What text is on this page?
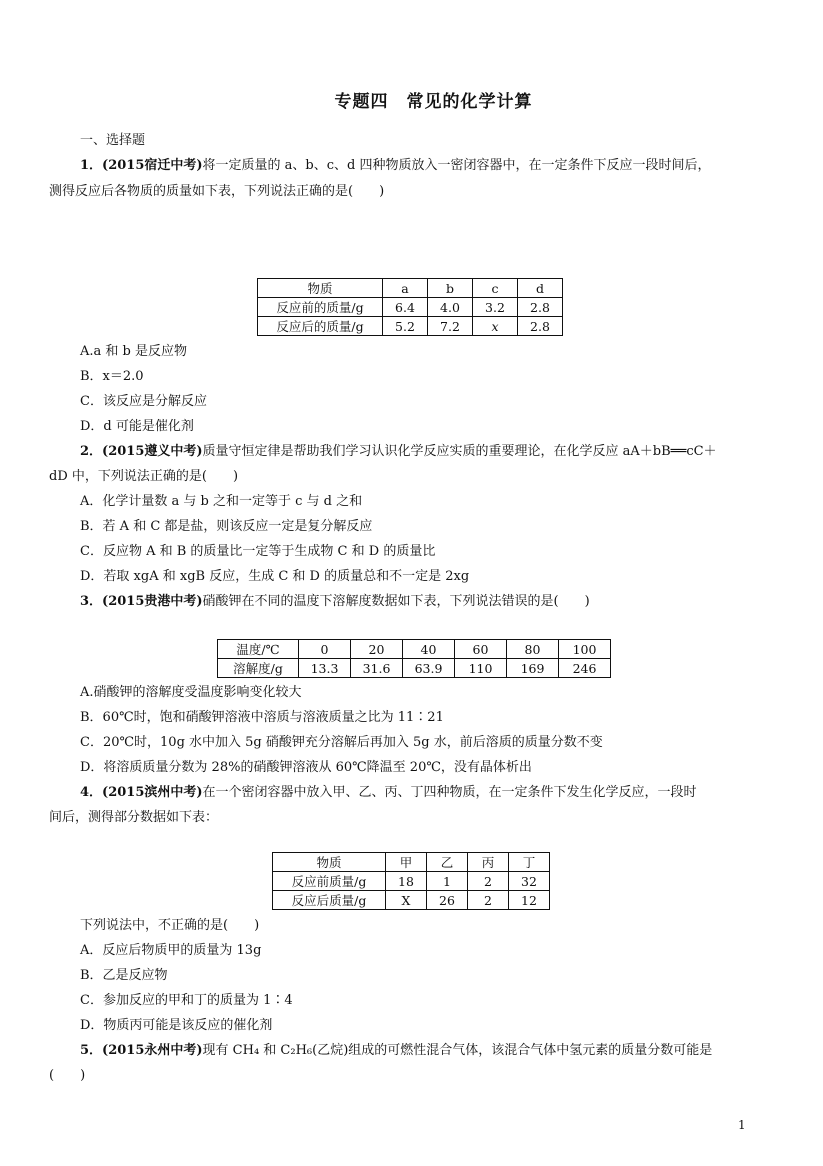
专题四　常见的化学计算
一、选择题
1．(2015宿迁中考)将一定质量的 a、b、c、d 四种物质放入一密闭容器中，在一定条件下反应一段时间后，
测得反应后各物质的质量如下表，下列说法正确的是(　　)
物质	a	b	c	d
反应前的质量/g	6.4	4.0	3.2	2.8
反应后的质量/g	5.2	7.2	x	2.8
A.a 和 b 是反应物
B．x＝2.0
C．该反应是分解反应
D．d 可能是催化剂
2．(2015遵义中考)质量守恒定律是帮助我们学习认识化学反应实质的重要理论，在化学反应 aA＋bB══cC＋
dD 中，下列说法正确的是(　　)
A．化学计量数 a 与 b 之和一定等于 c 与 d 之和
B．若 A 和 C 都是盐，则该反应一定是复分解反应
C．反应物 A 和 B 的质量比一定等于生成物 C 和 D 的质量比
D．若取 xgA 和 xgB 反应，生成 C 和 D 的质量总和不一定是 2xg
3．(2015贵港中考)硝酸钾在不同的温度下溶解度数据如下表，下列说法错误的是(　　)
温度/℃	0	20	40	60	80	100
溶解度/g	13.3	31.6	63.9	110	169	246
A.硝酸钾的溶解度受温度影响变化较大
B．60℃时，饱和硝酸钾溶液中溶质与溶液质量之比为 11∶21
C．20℃时，10g 水中加入 5g 硝酸钾充分溶解后再加入 5g 水，前后溶质的质量分数不变
D．将溶质质量分数为 28%的硝酸钾溶液从 60℃降温至 20℃，没有晶体析出
4．(2015滨州中考)在一个密闭容器中放入甲、乙、丙、丁四种物质，在一定条件下发生化学反应，一段时
间后，测得部分数据如下表：
物质	甲	乙	丙	丁
反应前质量/g	18	1	2	32
反应后质量/g	X	26	2	12
下列说法中，不正确的是(　　)
A．反应后物质甲的质量为 13g
B．乙是反应物
C．参加反应的甲和丁的质量为 1∶4
D．物质丙可能是该反应的催化剂
5．(2015永州中考)现有 CH₄ 和 C₂H₆(乙烷)组成的可燃性混合气体，该混合气体中氢元素的质量分数可能是
(　　)
1
